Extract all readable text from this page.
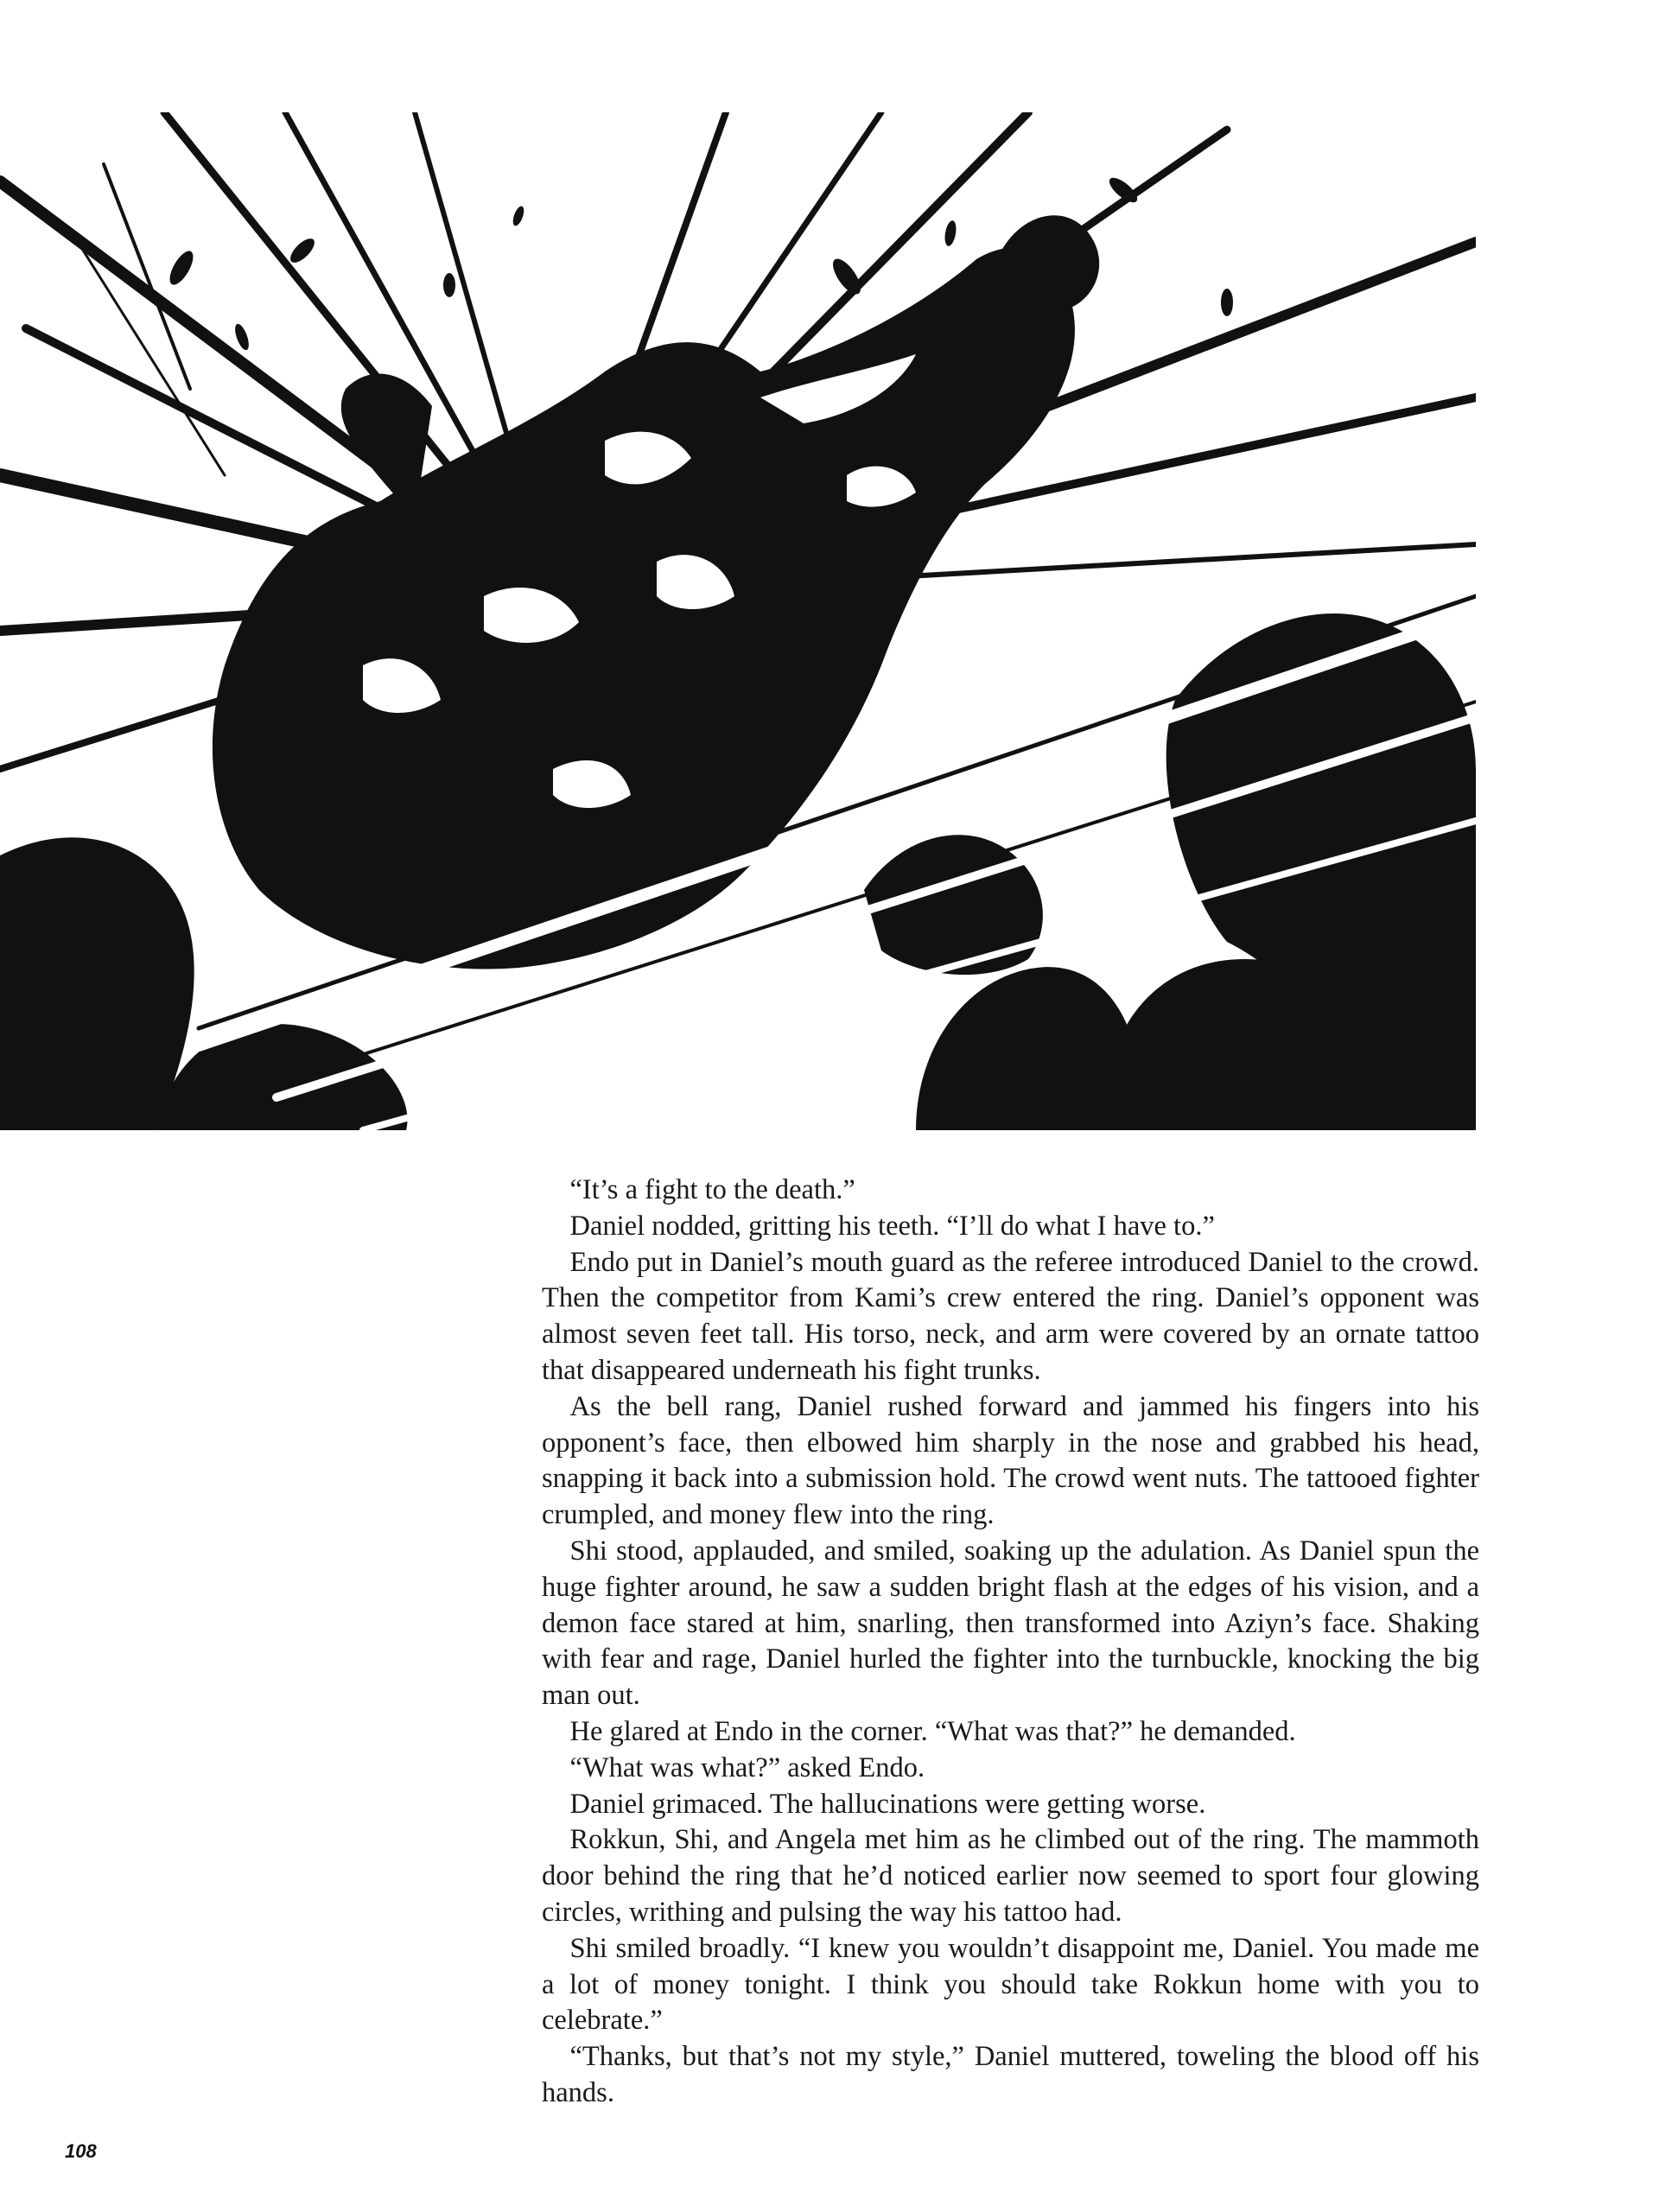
“It’s a fight to the death.”

Daniel nodded, gritting his teeth. “I’ll do what I have to.”

Endo put in Daniel’s mouth guard as the referee introduced Daniel to the crowd. Then the competitor from Kami’s crew entered the ring. Daniel’s opponent was almost seven feet tall. His torso, neck, and arm were covered by an ornate tattoo that disappeared underneath his fight trunks.

As the bell rang, Daniel rushed forward and jammed his fingers into his opponent’s face, then elbowed him sharply in the nose and grabbed his head, snapping it back into a submission hold. The crowd went nuts. The tattooed fighter crumpled, and money flew into the ring.

Shi stood, applauded, and smiled, soaking up the adulation. As Daniel spun the huge fighter around, he saw a sudden bright flash at the edges of his vision, and a demon face stared at him, snarling, then transformed into Aziyn’s face. Shaking with fear and rage, Daniel hurled the fighter into the turnbuckle, knocking the big man out.

He glared at Endo in the corner. “What was that?” he demanded.

“What was what?” asked Endo.

Daniel grimaced. The hallucinations were getting worse.

Rokkun, Shi, and Angela met him as he climbed out of the ring. The mammoth door behind the ring that he’d noticed earlier now seemed to sport four glowing circles, writhing and pulsing the way his tattoo had.

Shi smiled broadly. “I knew you wouldn’t disappoint me, Daniel. You made me a lot of money tonight. I think you should take Rokkun home with you to celebrate.”

“Thanks, but that’s not my style,” Daniel muttered, toweling the blood off his hands.

108
